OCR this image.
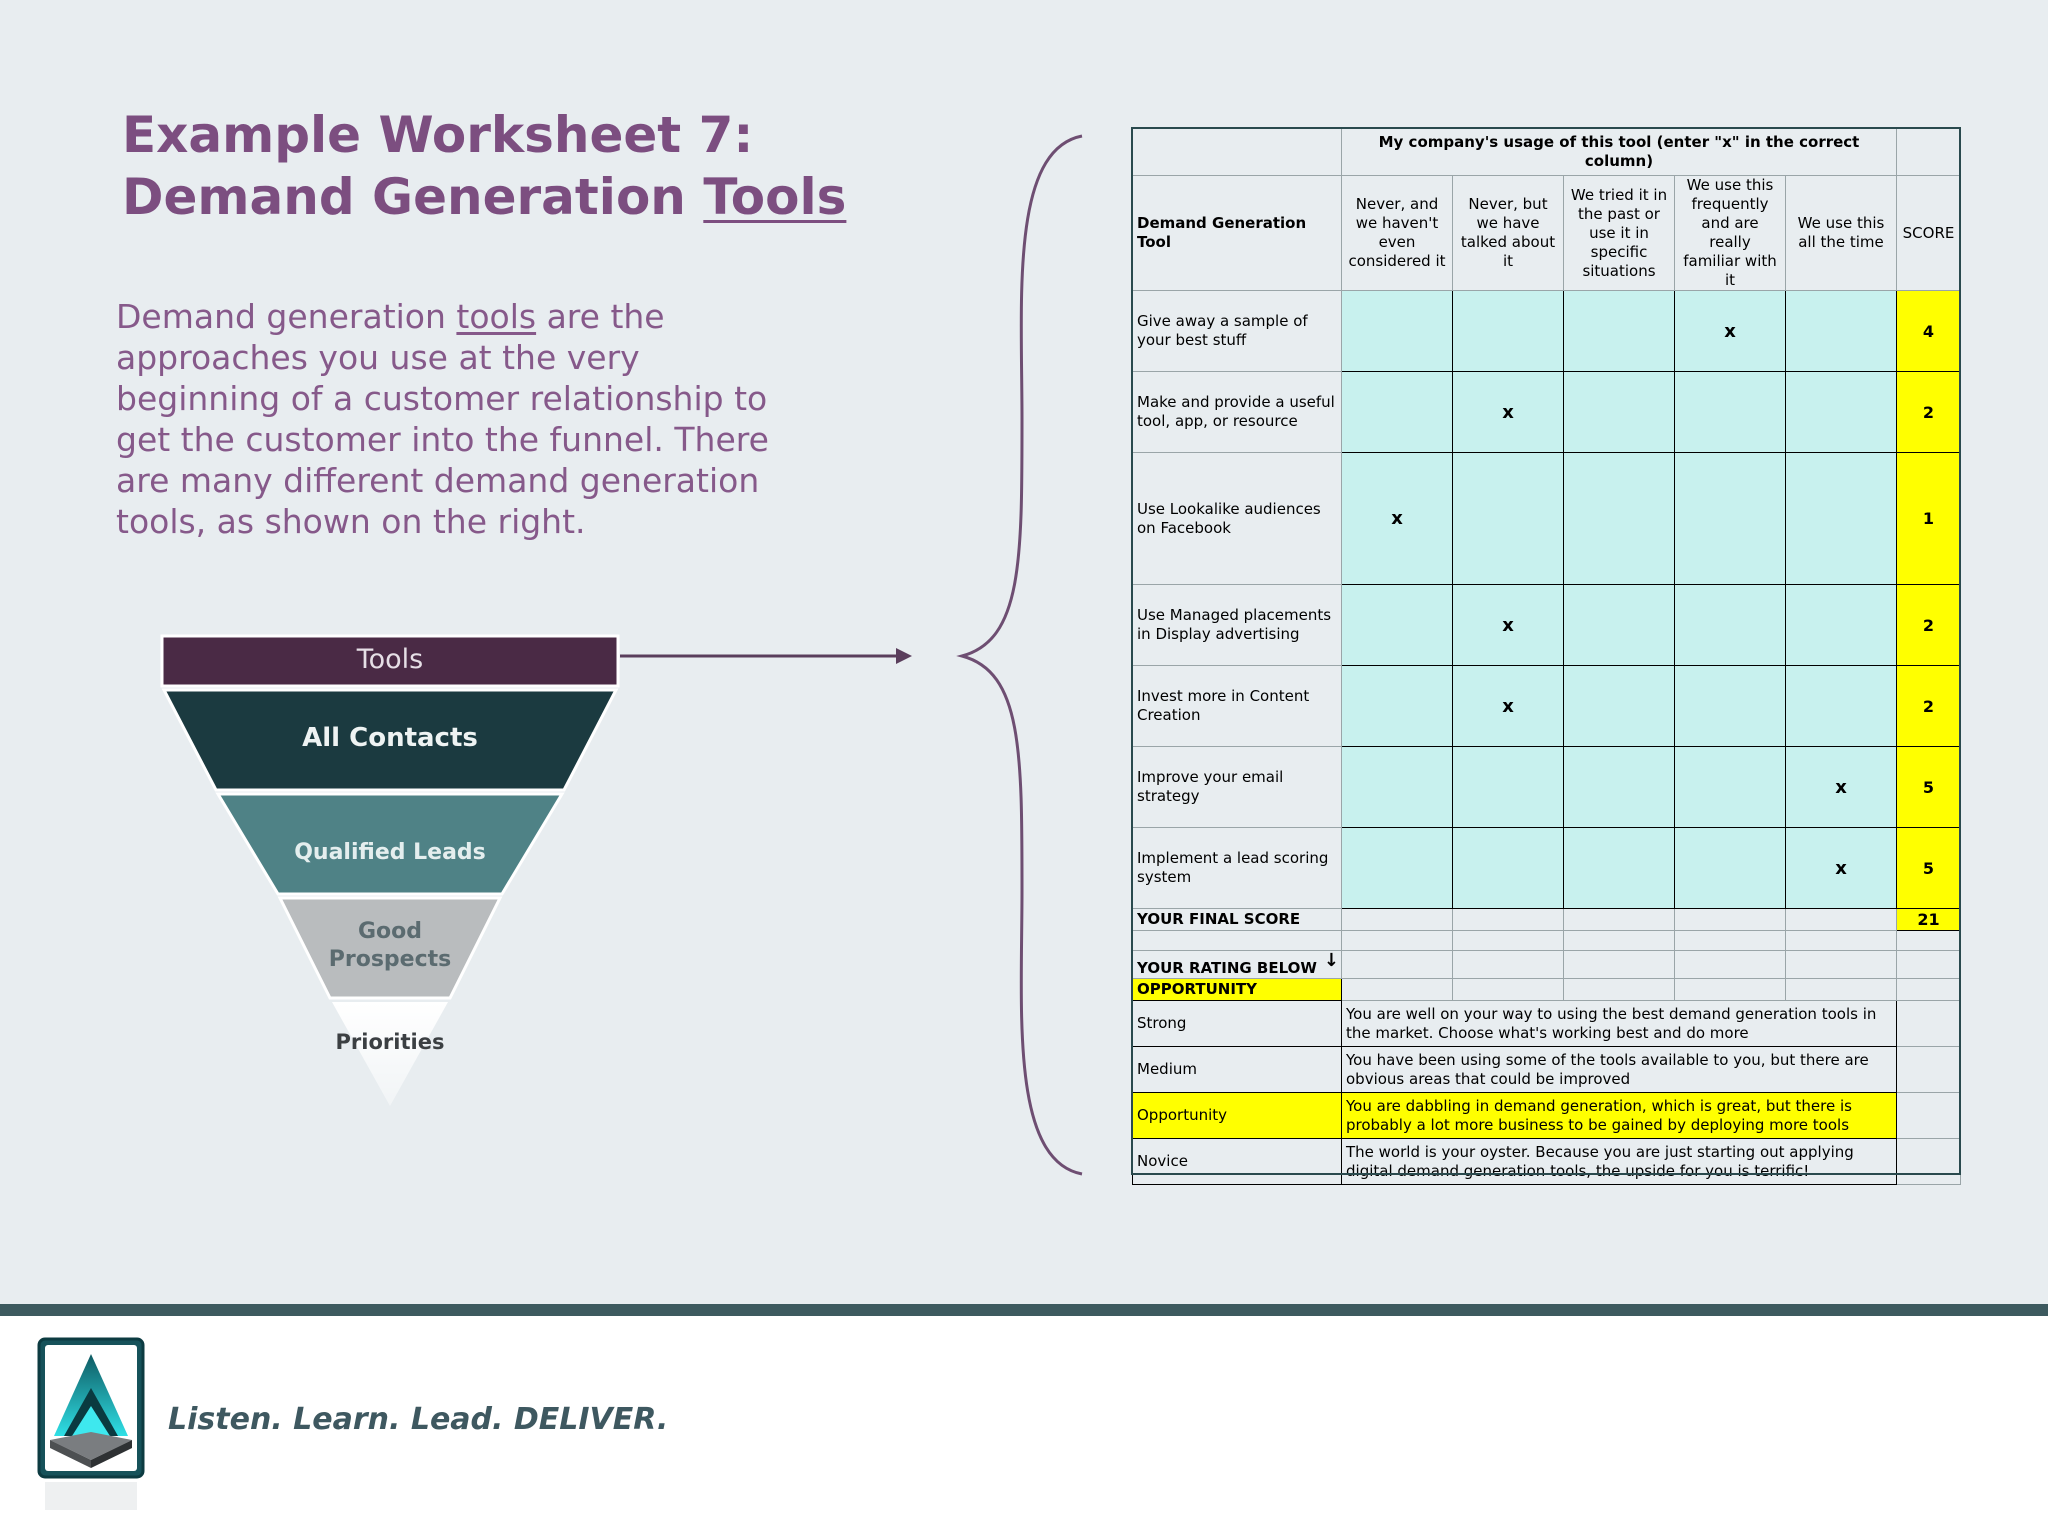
Example Worksheet 7:
Demand Generation Tools
Demand generation tools are the approaches you use at the very beginning of a customer relationship to get the customer into the funnel. There are many different demand generation tools, as shown on the right.
Tools
All Contacts
Qualified Leads
Good Prospects
Priorities
	My company's usage of this tool (enter "x" in the correct column)					
Demand Generation Tool	Never, and we haven't even considered it	Never, but we have talked about it	We tried it in the past or use it in specific situations	We use this frequently and are really familiar with it	We use this all the time	SCORE
Give away a sample of your best stuff				x		4
Make and provide a useful tool, app, or resource		x				2
Use Lookalike audiences on Facebook	x					1
Use Managed placements in Display advertising		x				2
Invest more in Content Creation		x				2
Improve your email strategy					x	5
Implement a lead scoring system					x	5
YOUR FINAL SCORE						21

YOUR RATING BELOW ↓						

OPPORTUNITY						
Strong	You are well on your way to using the best demand generation tools in the market. Choose what's working best and do more					
Medium	You have been using some of the tools available to you, but there are obvious areas that could be improved					
Opportunity	You are dabbling in demand generation, which is great, but there is probably a lot more business to be gained by deploying more tools					
Novice	The world is your oyster. Because you are just starting out applying digital demand generation tools, the upside for you is terrific!					
Listen. Learn. Lead. DELIVER.
